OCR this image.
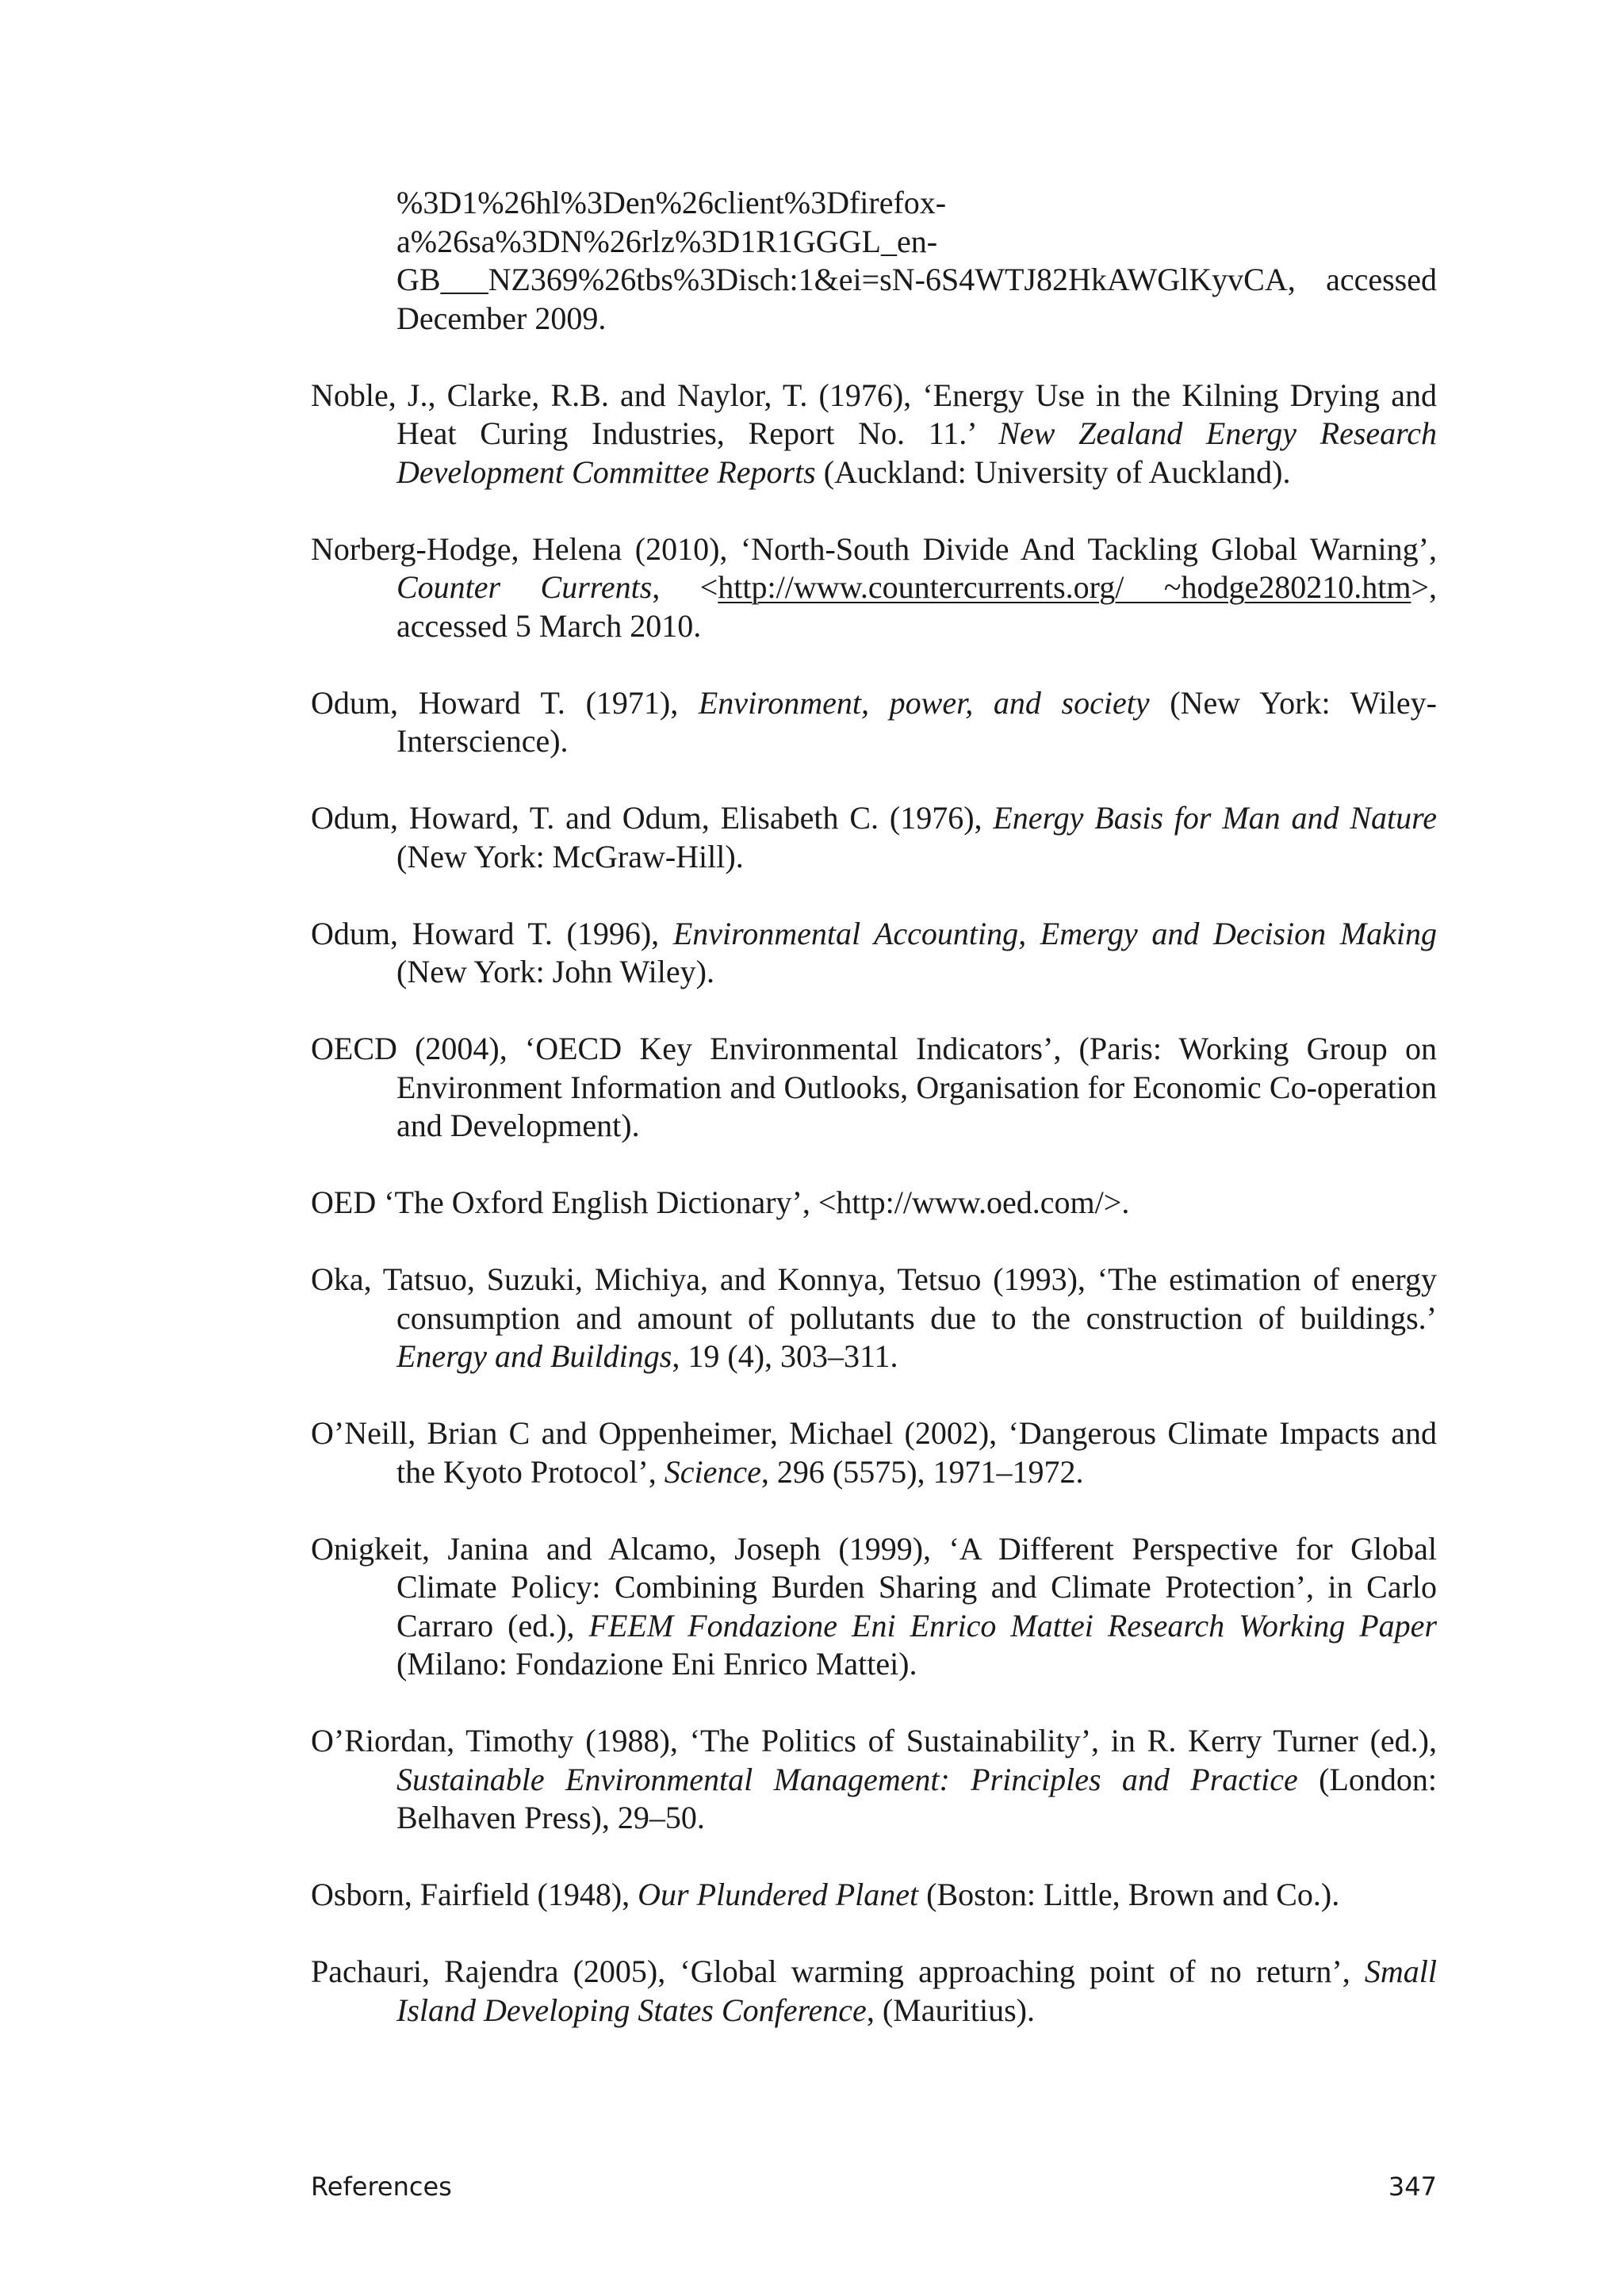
%3D1%26hl%3Den%26client%3Dfirefox-a%26sa%3DN%26rlz%3D1R1GGGL_en-GB___NZ369%26tbs%3Disch:1&ei=sN-6S4WTJ82HkAWGlKyvCA, accessed December 2009.

Noble, J., Clarke, R.B. and Naylor, T. (1976), ‘Energy Use in the Kilning Drying and Heat Curing Industries, Report No. 11.’ New Zealand Energy Research Development Committee Reports (Auckland: University of Auckland).

Norberg-Hodge, Helena (2010), ‘North-South Divide And Tackling Global Warning’, Counter Currents, <http://www.countercurrents.org/ ~hodge280210.htm>, accessed 5 March 2010.

Odum, Howard T. (1971), Environment, power, and society (New York: Wiley-Interscience).

Odum, Howard, T. and Odum, Elisabeth C. (1976), Energy Basis for Man and Nature (New York: McGraw-Hill).

Odum, Howard T. (1996), Environmental Accounting, Emergy and Decision Making (New York: John Wiley).

OECD (2004), ‘OECD Key Environmental Indicators’, (Paris: Working Group on Environment Information and Outlooks, Organisation for Economic Co-operation and Development).

OED ‘The Oxford English Dictionary’, <http://www.oed.com/>.

Oka, Tatsuo, Suzuki, Michiya, and Konnya, Tetsuo (1993), ‘The estimation of energy consumption and amount of pollutants due to the construction of buildings.’ Energy and Buildings, 19 (4), 303–311.

O’Neill, Brian C and Oppenheimer, Michael (2002), ‘Dangerous Climate Impacts and the Kyoto Protocol’, Science, 296 (5575), 1971–1972.

Onigkeit, Janina and Alcamo, Joseph (1999), ‘A Different Perspective for Global Climate Policy: Combining Burden Sharing and Climate Protection’, in Carlo Carraro (ed.), FEEM Fondazione Eni Enrico Mattei Research Working Paper (Milano: Fondazione Eni Enrico Mattei).

O’Riordan, Timothy (1988), ‘The Politics of Sustainability’, in R. Kerry Turner (ed.), Sustainable Environmental Management: Principles and Practice (London: Belhaven Press), 29–50.

Osborn, Fairfield (1948), Our Plundered Planet (Boston: Little, Brown and Co.).

Pachauri, Rajendra (2005), ‘Global warming approaching point of no return’, Small Island Developing States Conference, (Mauritius).

References	347
